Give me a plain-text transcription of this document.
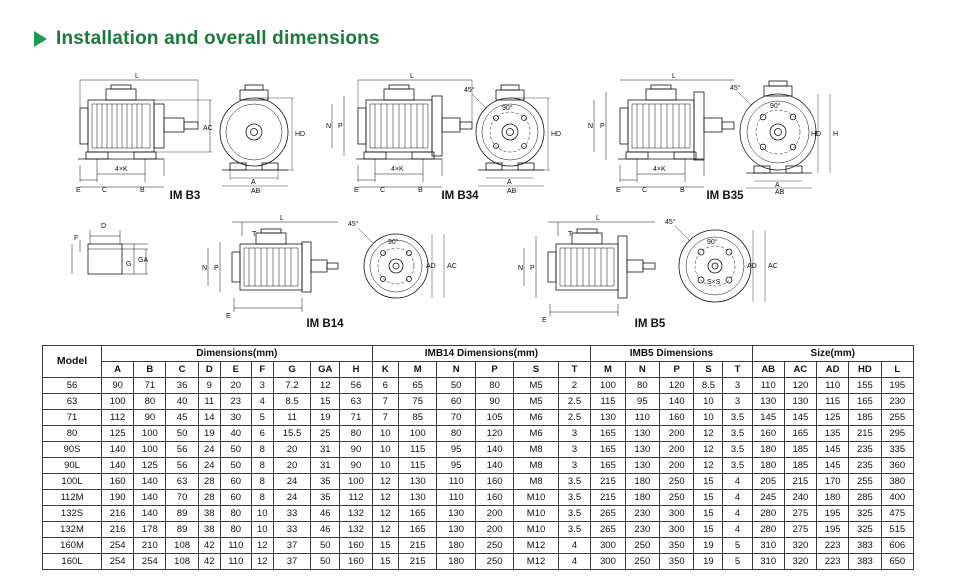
Installation and overall dimensions
L
AC
4×K
E	C	B
HD
A
AB
IM B3
L
P
N
4×K
E	C	B
45°
90°
HD
A
AB
IM B34
L
P
N
4×K
E	C	B
45°
90°
HD H
A
AB
IM B35
D
F
G
GA
L
P
N
T
E
45°
90°
AD AC
IM B14
L
P
N
T
E
45°
90°
S×S
AD AC
IM B5
Model	Dimensions(mm)									IMB14 Dimensions(mm)						IMB5 Dimensions					Size(mm)				
	A	B	C	D	E	F	G	GA	H	K	M	N	P	S	T	M	N	P	S	T	AB	AC	AD	HD	L
56	90	71	36	9	20	3	7.2	12	56	6	65	50	80	M5	2	100	80	120	8.5	3	110	120	110	155	195
63	100	80	40	11	23	4	8.5	15	63	7	75	60	90	M5	2.5	115	95	140	10	3	130	130	115	165	230
71	112	90	45	14	30	5	11	19	71	7	85	70	105	M6	2.5	130	110	160	10	3.5	145	145	125	185	255
80	125	100	50	19	40	6	15.5	25	80	10	100	80	120	M6	3	165	130	200	12	3.5	160	165	135	215	295
90S	140	100	56	24	50	8	20	31	90	10	115	95	140	M8	3	165	130	200	12	3.5	180	185	145	235	335
90L	140	125	56	24	50	8	20	31	90	10	115	95	140	M8	3	165	130	200	12	3.5	180	185	145	235	360
100L	160	140	63	28	60	8	24	35	100	12	130	110	160	M8	3.5	215	180	250	15	4	205	215	170	255	380
112M	190	140	70	28	60	8	24	35	112	12	130	110	160	M10	3.5	215	180	250	15	4	245	240	180	285	400
132S	216	140	89	38	80	10	33	46	132	12	165	130	200	M10	3.5	265	230	300	15	4	280	275	195	325	475
132M	216	178	89	38	80	10	33	46	132	12	165	130	200	M10	3.5	265	230	300	15	4	280	275	195	325	515
160M	254	210	108	42	110	12	37	50	160	15	215	180	250	M12	4	300	250	350	19	5	310	320	223	383	606
160L	254	254	108	42	110	12	37	50	160	15	215	180	250	M12	4	300	250	350	19	5	310	320	223	383	650
